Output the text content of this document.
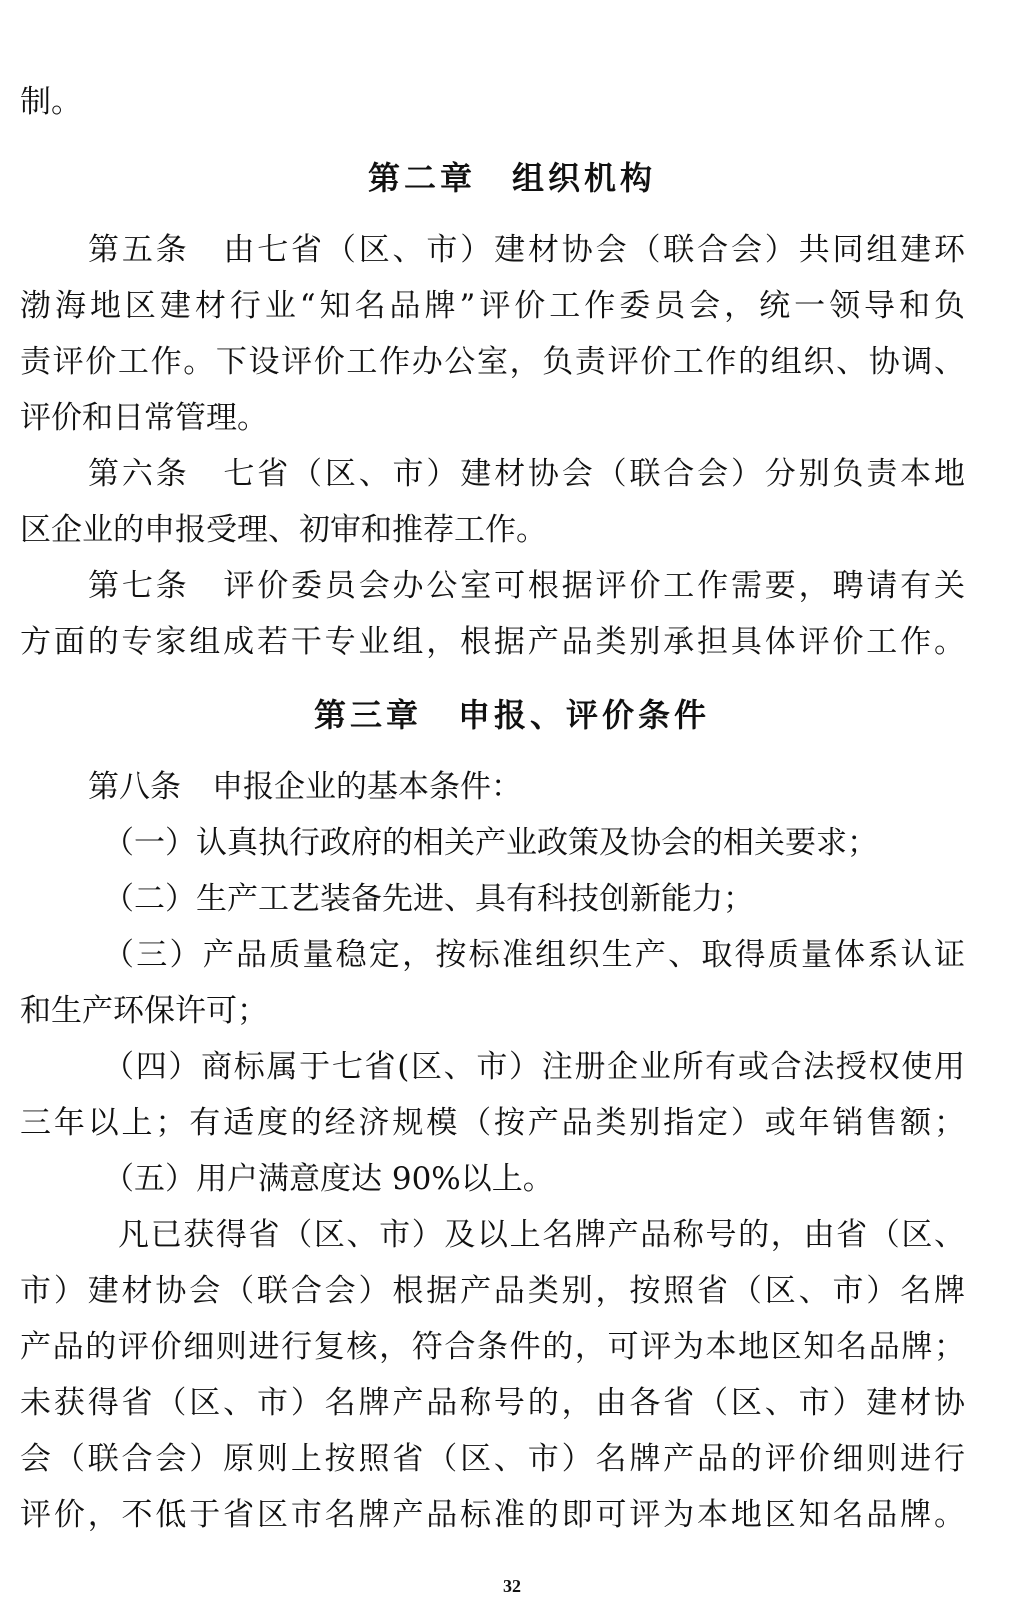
制。
第二章　组织机构
第五条　由七省（区、市）建材协会（联合会）共同组建环
渤海地区建材行业“知名品牌”评价工作委员会，统一领导和负
责评价工作。下设评价工作办公室，负责评价工作的组织、协调、
评价和日常管理。
第六条　七省（区、市）建材协会（联合会）分别负责本地
区企业的申报受理、初审和推荐工作。
第七条　评价委员会办公室可根据评价工作需要，聘请有关
方面的专家组成若干专业组，根据产品类别承担具体评价工作。
第三章　申报、评价条件
第八条　申报企业的基本条件：
（一）认真执行政府的相关产业政策及协会的相关要求；
（二）生产工艺装备先进、具有科技创新能力；
（三）产品质量稳定，按标准组织生产、取得质量体系认证
和生产环保许可；
（四）商标属于七省(区、市）注册企业所有或合法授权使用
三年以上；有适度的经济规模（按产品类别指定）或年销售额；
（五）用户满意度达 90%以上。
凡已获得省（区、市）及以上名牌产品称号的，由省（区、
市）建材协会（联合会）根据产品类别，按照省（区、市）名牌
产品的评价细则进行复核，符合条件的，可评为本地区知名品牌；
未获得省（区、市）名牌产品称号的，由各省（区、市）建材协
会（联合会）原则上按照省（区、市）名牌产品的评价细则进行
评价，不低于省区市名牌产品标准的即可评为本地区知名品牌。
32
